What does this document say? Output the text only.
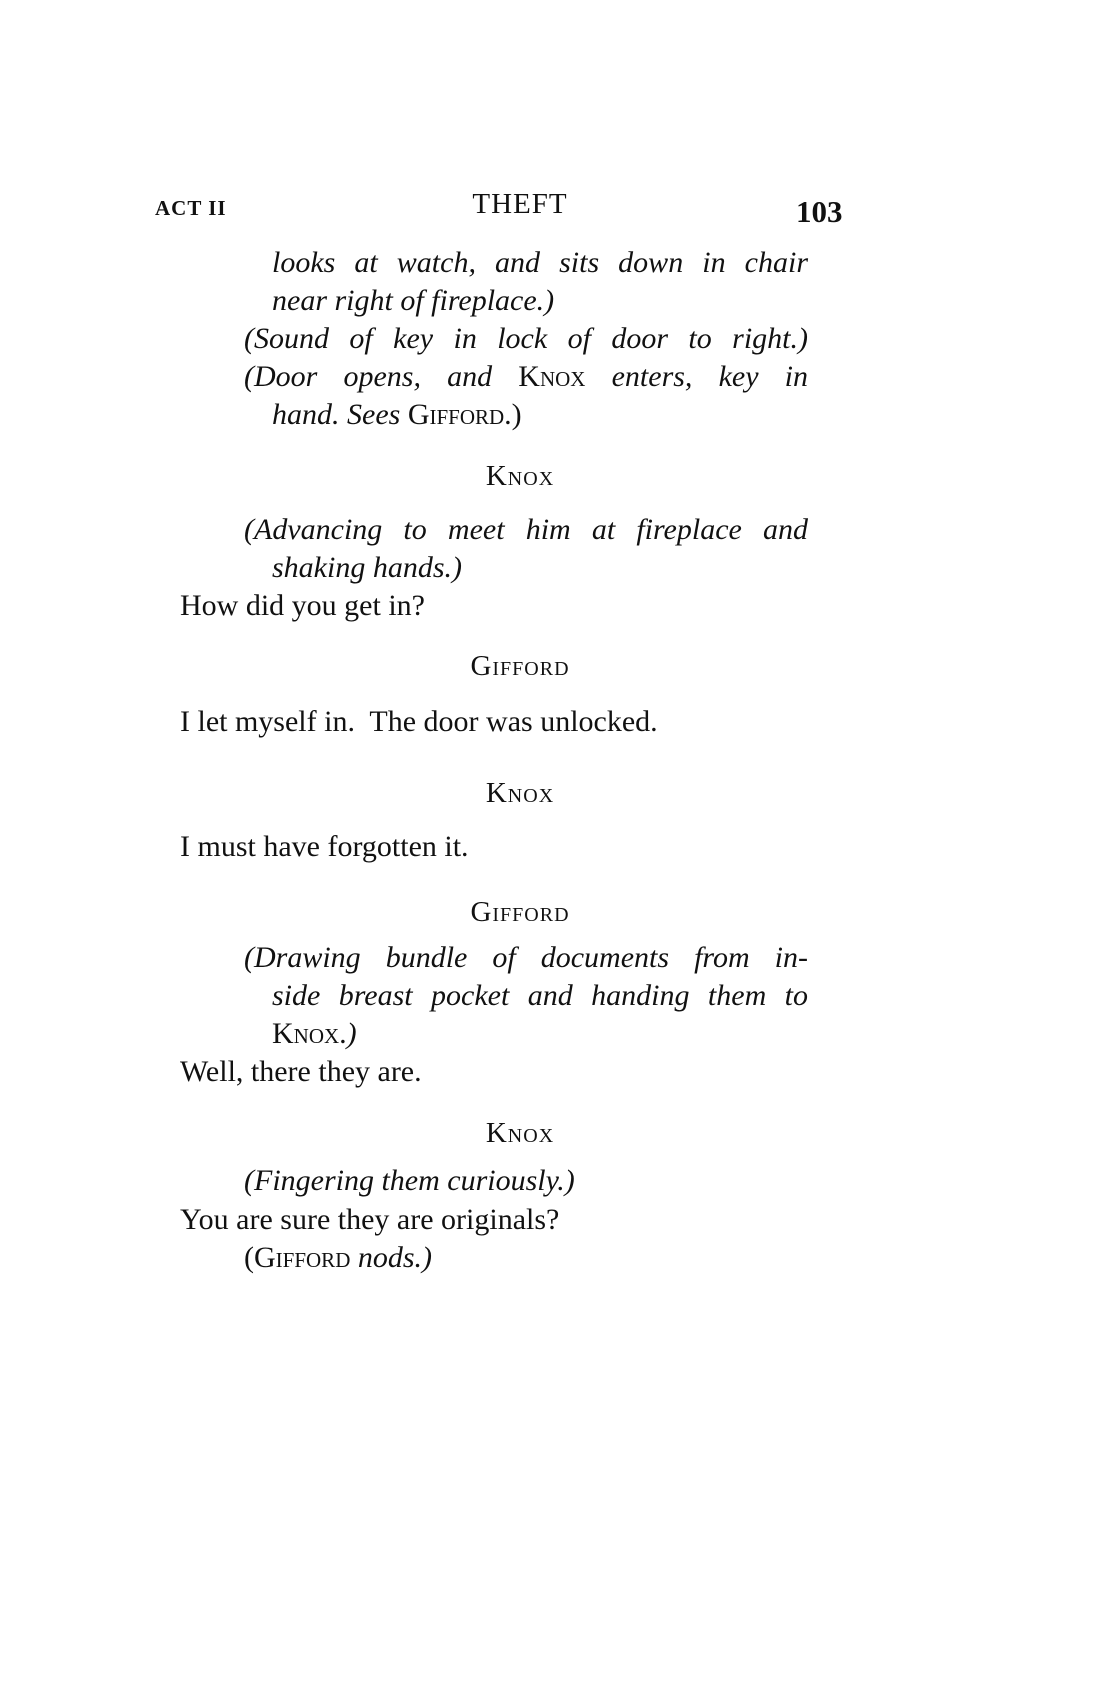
ACT II	THEFT	103
looks at watch, and sits down in chair
near right of fireplace.)
(Sound of key in lock of door to right.)
(Door opens, and Knox enters, key in
hand. Sees Gifford.)
Knox
(Advancing to meet him at fireplace and
shaking hands.)
How did you get in?
Gifford
I let myself in.  The door was unlocked.
Knox
I must have forgotten it.
Gifford
(Drawing bundle of documents from in-
side breast pocket and handing them to
Knox.)
Well, there they are.
Knox
(Fingering them curiously.)
You are sure they are originals?
(Gifford nods.)
